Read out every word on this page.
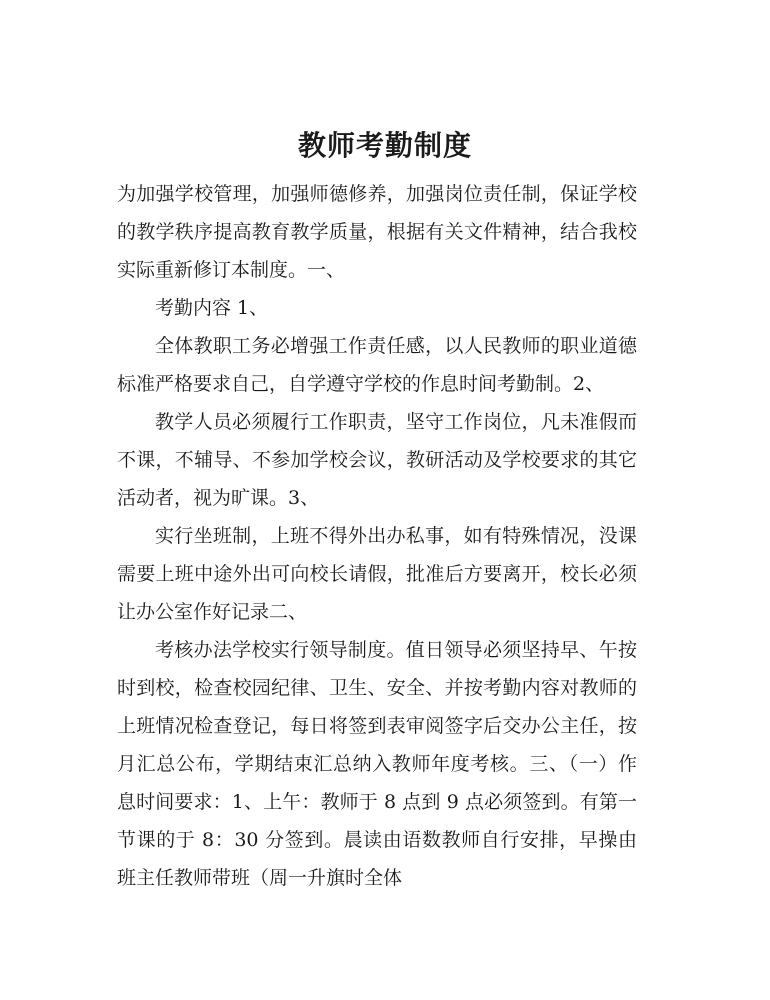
教师考勤制度

为加强学校管理，加强师德修养，加强岗位责任制，保证学校的教学秩序提高教育教学质量，根据有关文件精神，结合我校实际重新修订本制度。一、

考勤内容 1、

全体教职工务必增强工作责任感，以人民教师的职业道德标准严格要求自己，自学遵守学校的作息时间考勤制。2、

教学人员必须履行工作职责，坚守工作岗位，凡未准假而不课，不辅导、不参加学校会议，教研活动及学校要求的其它活动者，视为旷课。3、

实行坐班制，上班不得外出办私事，如有特殊情况，没课需要上班中途外出可向校长请假，批准后方要离开，校长必须让办公室作好记录二、

考核办法学校实行领导制度。值日领导必须坚持早、午按时到校，检查校园纪律、卫生、安全、并按考勤内容对教师的上班情况检查登记，每日将签到表审阅签字后交办公主任，按月汇总公布，学期结束汇总纳入教师年度考核。三、（一）作息时间要求：1、上午：教师于 8 点到 9 点必须签到。有第一节课的于 8：30 分签到。晨读由语数教师自行安排，早操由班主任教师带班（周一升旗时全体
